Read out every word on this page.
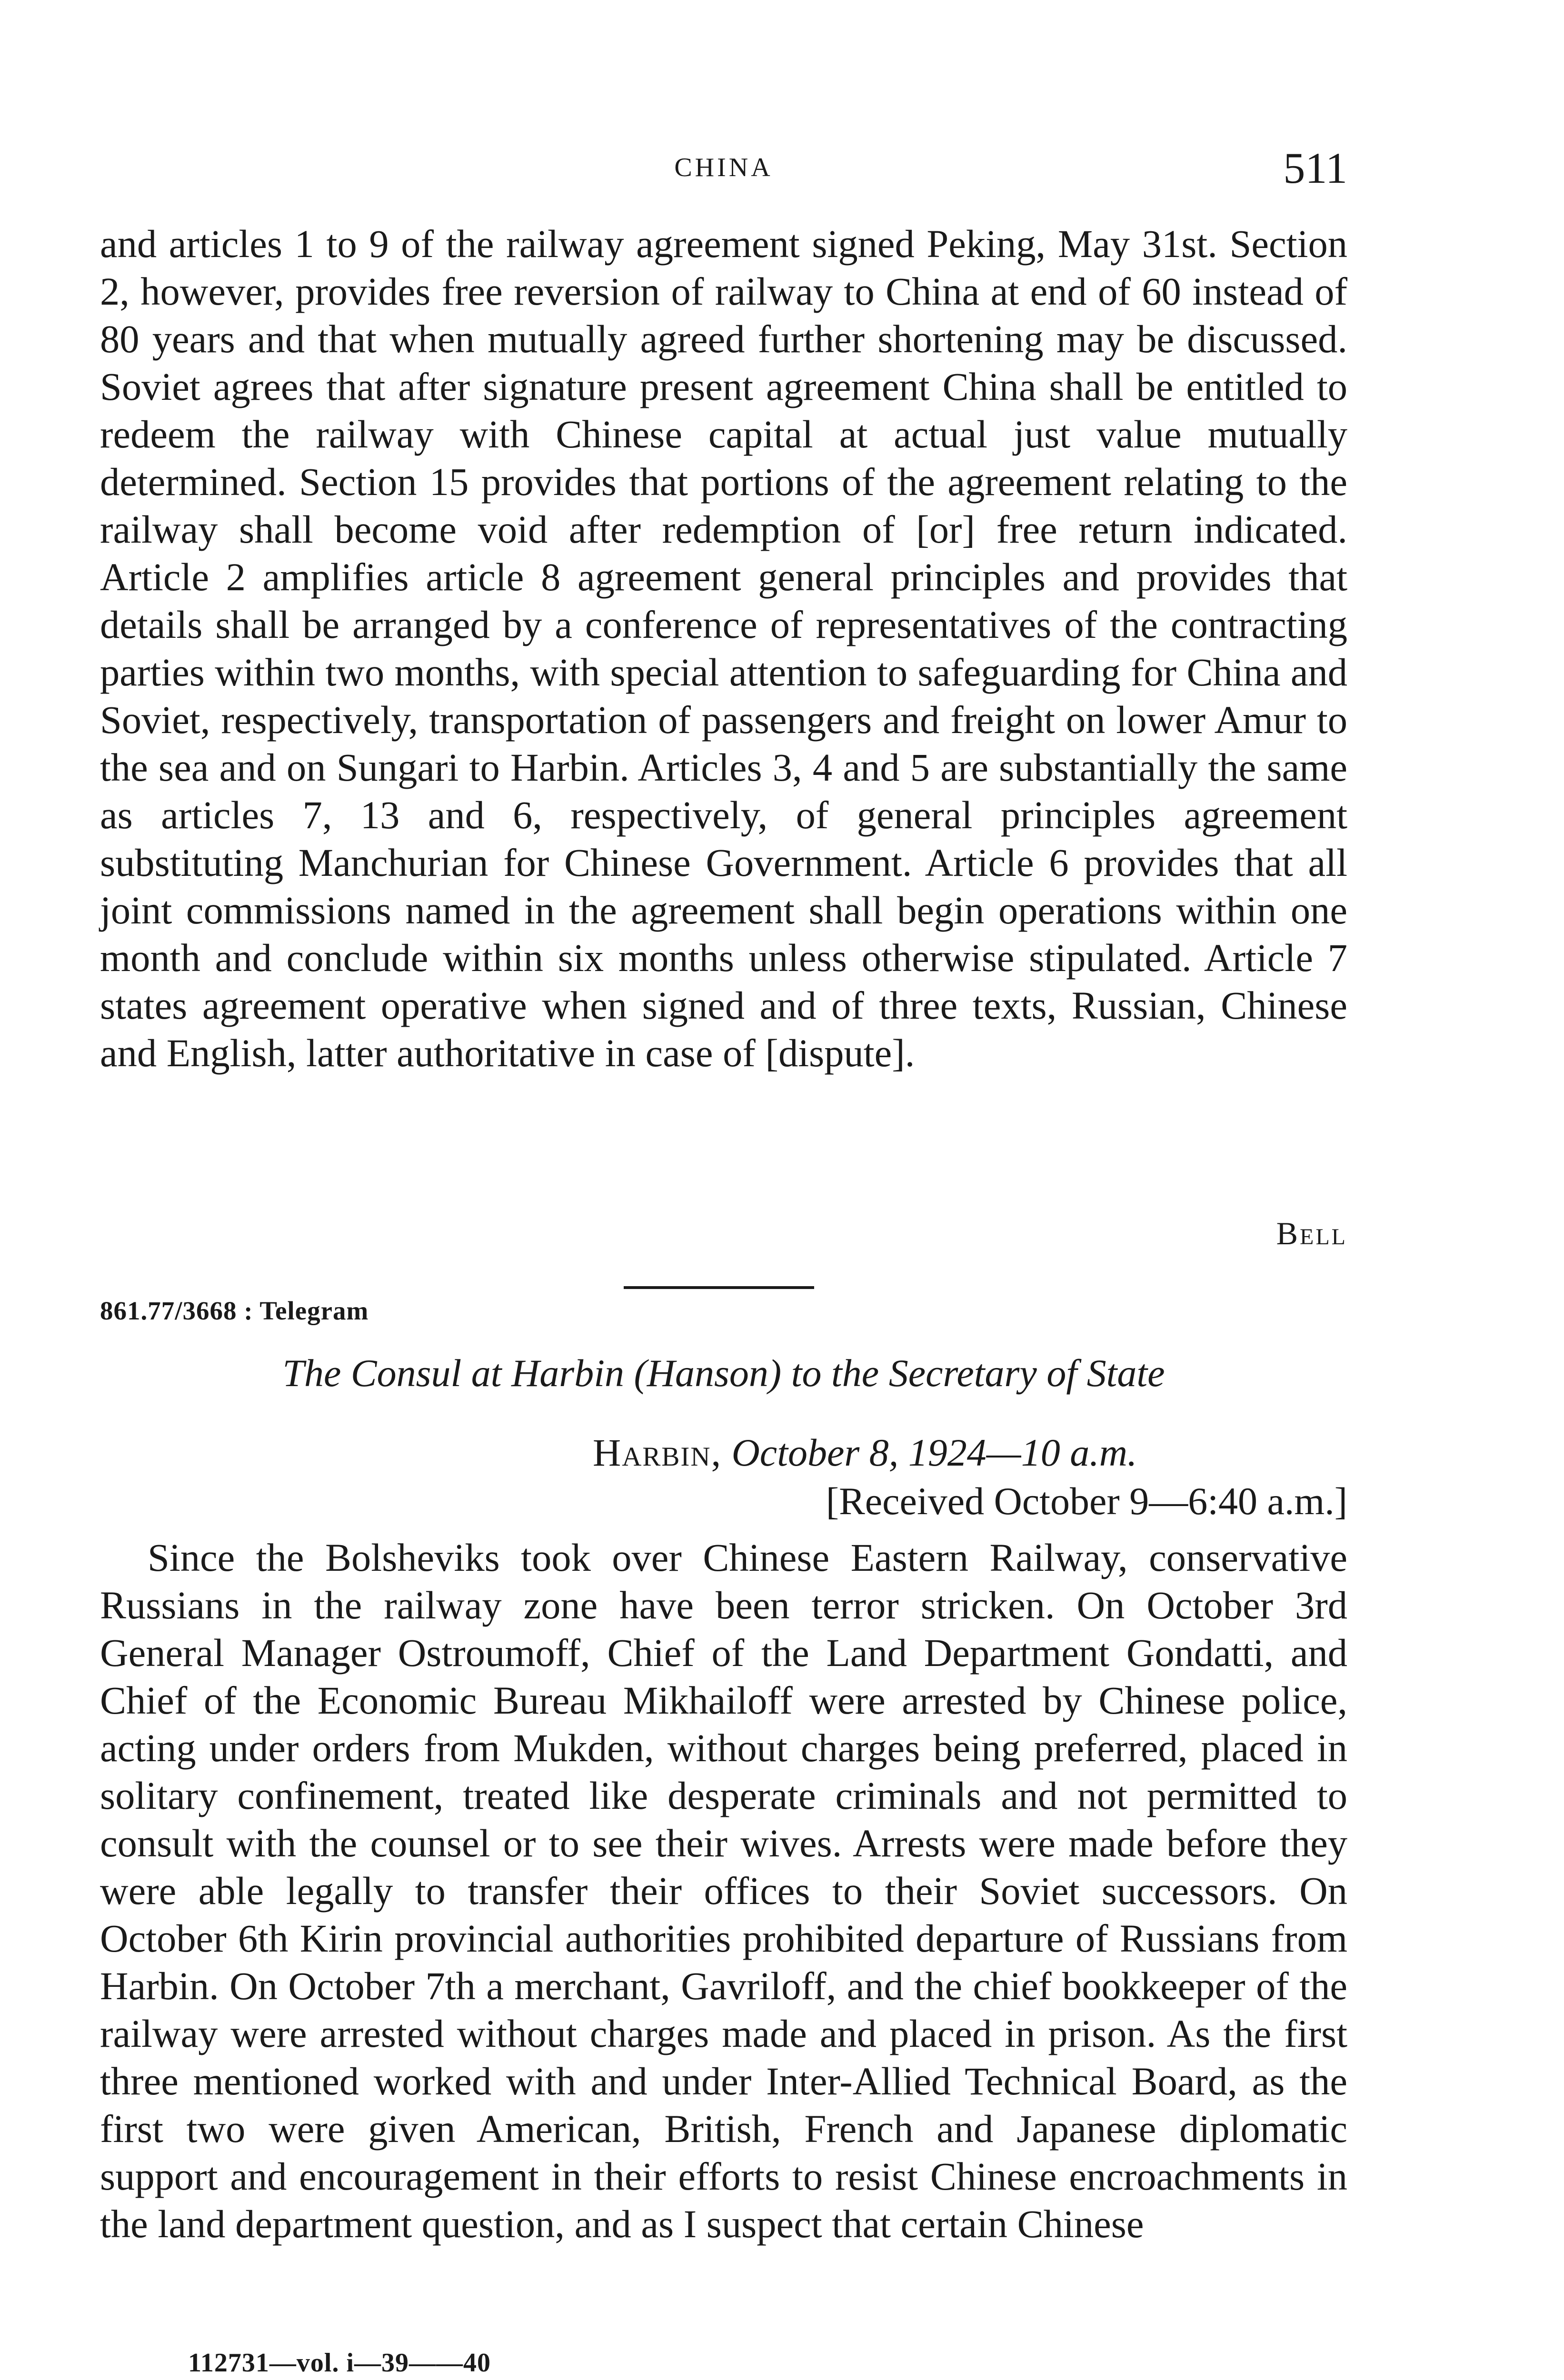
CHINA	511

and articles 1 to 9 of the railway agreement signed Peking, May 31st. Section 2, however, provides free reversion of railway to China at end of 60 instead of 80 years and that when mutually agreed further shortening may be discussed. Soviet agrees that after signature present agreement China shall be entitled to redeem the railway with Chinese capital at actual just value mutually determined. Section 15 provides that portions of the agreement relating to the railway shall become void after redemption of [or] free return indicated. Article 2 amplifies article 8 agreement general principles and provides that details shall be arranged by a conference of representatives of the contracting parties within two months, with special attention to safeguarding for China and Soviet, respectively, transportation of passengers and freight on lower Amur to the sea and on Sungari to Harbin. Articles 3, 4 and 5 are substantially the same as articles 7, 13 and 6, respectively, of general principles agreement substituting Manchurian for Chinese Government. Article 6 provides that all joint commissions named in the agreement shall begin operations within one month and conclude within six months unless otherwise stipulated. Article 7 states agreement operative when signed and of three texts, Russian, Chinese and English, latter authoritative in case of [dispute].

Bell
861.77/3668 : Telegram
The Consul at Harbin (Hanson) to the Secretary of State
Harbin, October 8, 1924—10 a.m.
[Received October 9—6:40 a.m.]

Since the Bolsheviks took over Chinese Eastern Railway, conservative Russians in the railway zone have been terror stricken. On October 3rd General Manager Ostroumoff, Chief of the Land Department Gondatti, and Chief of the Economic Bureau Mikhailoff were arrested by Chinese police, acting under orders from Mukden, without charges being preferred, placed in solitary confinement, treated like desperate criminals and not permitted to consult with the counsel or to see their wives. Arrests were made before they were able legally to transfer their offices to their Soviet successors. On October 6th Kirin provincial authorities prohibited departure of Russians from Harbin. On October 7th a merchant, Gavriloff, and the chief bookkeeper of the railway were arrested without charges made and placed in prison. As the first three mentioned worked with and under Inter-Allied Technical Board, as the first two were given American, British, French and Japanese diplomatic support and encouragement in their efforts to resist Chinese encroachments in the land department question, and as I suspect that certain Chinese

112731—vol. i—39——40
